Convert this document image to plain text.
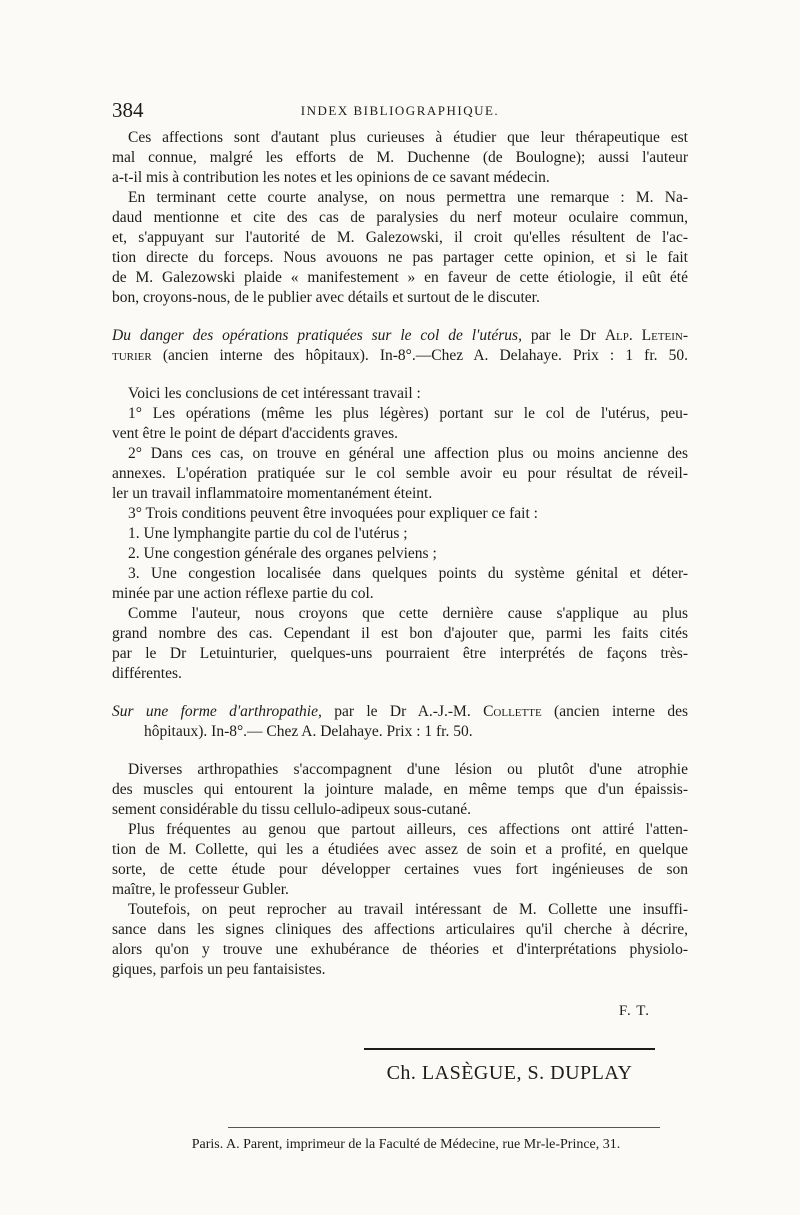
384	INDEX BIBLIOGRAPHIQUE.
Ces affections sont d'autant plus curieuses à étudier que leur thérapeutique est
mal connue, malgré les efforts de M. Duchenne (de Boulogne); aussi l'auteur
a-t-il mis à contribution les notes et les opinions de ce savant médecin.
En terminant cette courte analyse, on nous permettra une remarque : M. Na-
daud mentionne et cite des cas de paralysies du nerf moteur oculaire commun,
et, s'appuyant sur l'autorité de M. Galezowski, il croit qu'elles résultent de l'ac-
tion directe du forceps. Nous avouons ne pas partager cette opinion, et si le fait
de M. Galezowski plaide « manifestement » en faveur de cette étiologie, il eût été
bon, croyons-nous, de le publier avec détails et surtout de le discuter.
Du danger des opérations pratiquées sur le col de l'utérus, par le Dr Alp. Letein-
turier (ancien interne des hôpitaux). In-8°.—Chez A. Delahaye. Prix : 1 fr. 50.
Voici les conclusions de cet intéressant travail :
1° Les opérations (même les plus légères) portant sur le col de l'utérus, peu-
vent être le point de départ d'accidents graves.
2° Dans ces cas, on trouve en général une affection plus ou moins ancienne des
annexes. L'opération pratiquée sur le col semble avoir eu pour résultat de réveil-
ler un travail inflammatoire momentanément éteint.
3° Trois conditions peuvent être invoquées pour expliquer ce fait :
1. Une lymphangite partie du col de l'utérus ;
2. Une congestion générale des organes pelviens ;
3. Une congestion localisée dans quelques points du système génital et déter-
minée par une action réflexe partie du col.
Comme l'auteur, nous croyons que cette dernière cause s'applique au plus
grand nombre des cas. Cependant il est bon d'ajouter que, parmi les faits cités
par le Dr Letuinturier, quelques-uns pourraient être interprétés de façons très-
différentes.
Sur une forme d'arthropathie, par le Dr A.-J.-M. Collette (ancien interne des
hôpitaux). In-8°.— Chez A. Delahaye. Prix : 1 fr. 50.
Diverses arthropathies s'accompagnent d'une lésion ou plutôt d'une atrophie
des muscles qui entourent la jointure malade, en même temps que d'un épaissis-
sement considérable du tissu cellulo-adipeux sous-cutané.
Plus fréquentes au genou que partout ailleurs, ces affections ont attiré l'atten-
tion de M. Collette, qui les a étudiées avec assez de soin et a profité, en quelque
sorte, de cette étude pour développer certaines vues fort ingénieuses de son
maître, le professeur Gubler.
Toutefois, on peut reprocher au travail intéressant de M. Collette une insuffi-
sance dans les signes cliniques des affections articulaires qu'il cherche à décrire,
alors qu'on y trouve une exhubérance de théories et d'interprétations physiolo-
giques, parfois un peu fantaisistes.
F. T.
Ch. LASÈGUE, S. DUPLAY
Paris. A. Parent, imprimeur de la Faculté de Médecine, rue Mr-le-Prince, 31.
